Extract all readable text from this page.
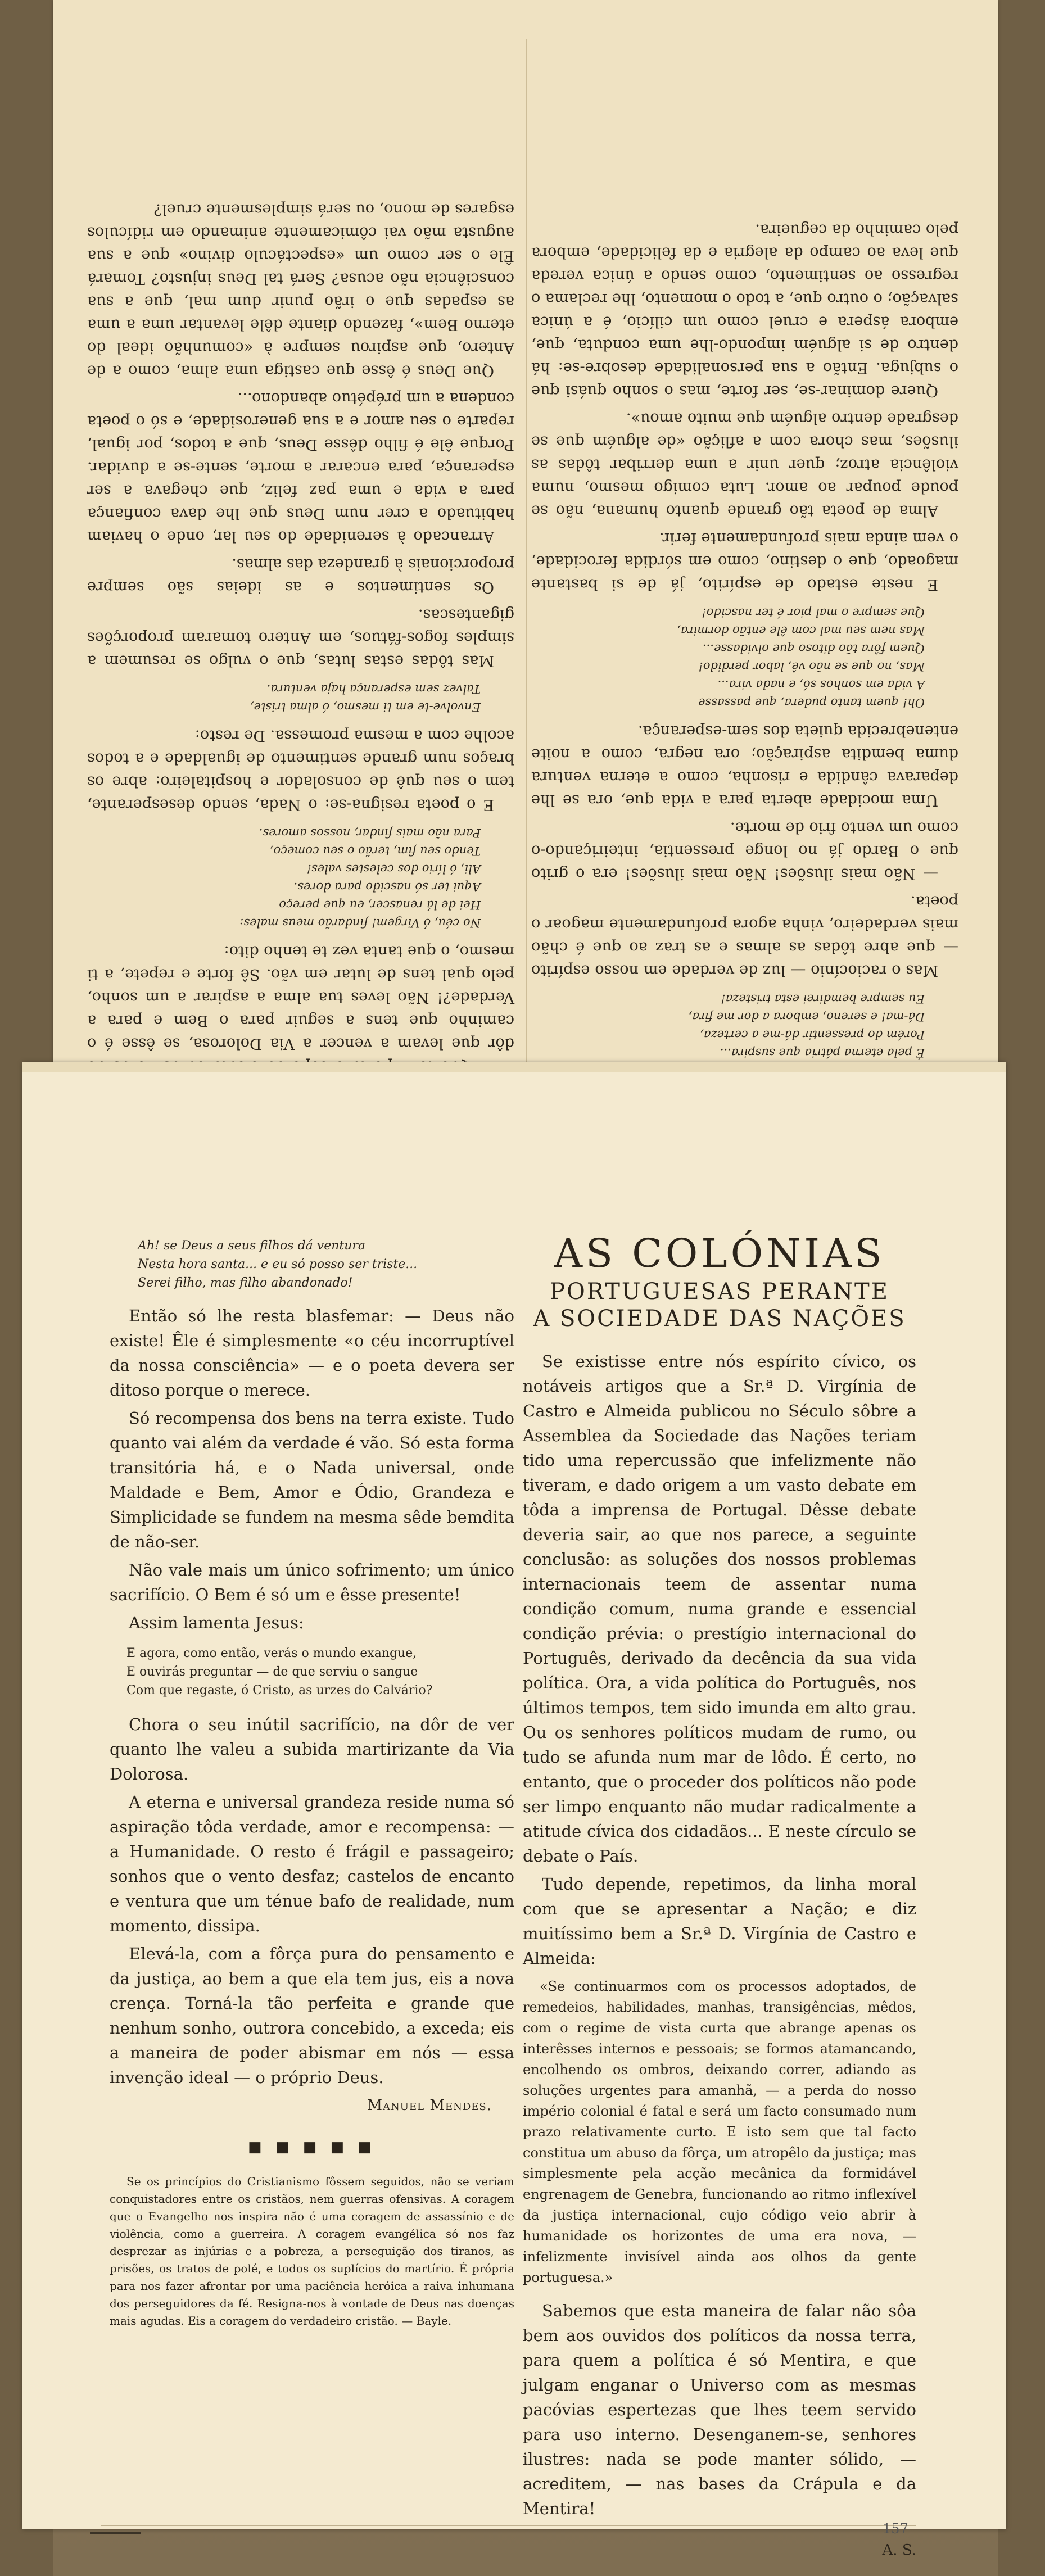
É pela eterna pátria que suspira...
Porém do pressentir dá-me a certeza,
Dá-ma! e sereno, embora a dor me fira,
Eu sempre bemdirei esta tristeza!

Mas o raciocínio — luz de verdade em nosso espírito — que abre tôdas as almas e as traz ao que é chão mais verdadeiro, vinha agora profundamente magoar o poeta.

— Não mais ilusões! Não mais ilusões! era o grito que o Bardo já no longe pressentia, inteiriçando-o como um vento frio de morte.

Uma mocidade aberta para a vida que, ora se lhe deparava cândida e risonha, como a eterna ventura duma bemdita aspiração; ora negra, como a noite entenebrecida quieta dos sem-esperança.

Oh! quem tanto pudera, que passasse
A vida em sonhos só, e nada vira...
Mas, no que se não vê, labor perdido!
Quem fôra tão ditoso que olvidasse...
Mas nem seu mal com êle então dormira,
Que sempre o mal pior é ter nascido!

E neste estado de espírito, já de si bastante magoado, que o destino, como em sórdida ferocidade, o vem ainda mais profundamente ferir.

Alma de poeta tão grande quanto humana, não se poude poupar ao amor. Luta comigo mesmo, numa violência atroz; quer unir a uma derribar tôdas as ilusões, mas chora com a aflição «de alguém que se desgrade dentro alguém que muito amou».

Quere dominar-se, ser forte, mas o sonho quási que o subjuga. Então a sua personalidade desobre-se: há dentro de si alguém impondo-lhe uma conduta, que, embora áspera e cruel como um cilício, é a única salvação; o outro que, a todo o momento, lhe reclama o regresso ao sentimento, como sendo a única vereda que leva ao campo da alegria e da felicidade, embora pelo caminho da cegueira.

dôr que levam a vencer a Via Dolorosa, se êsse é o caminho que tens a seguir para o Bem e para a Verdade?! Não leves tua alma a aspirar a um sonho, pelo qual tens de lutar em vão. Sê forte e repete, a ti mesmo, o que tanta vez te tenho dito:

No céu, ó Virgem! findarão meus males:
Hei de lá renascer, eu que pereço
Aqui ter só nascido para dores.
Ali, ó lírio dos celestes vales!
Tendo seu fim, terão o seu começo,
Para não mais findar, nossos amores.

E o poeta resigna-se: o Nada, sendo desesperante, tem o seu quê de consolador e hospitaleiro: abre os braços num grande sentimento de igualdade e a todos acolhe com a mesma promessa. De resto:

Envolve-te em ti mesmo, ó alma triste,
Talvez sem esperança haja ventura.

Mas tôdas estas lutas, que o vulgo se resumem a simples fogos-fátuos, em Antero tomaram proporções gigantescas.

Os sentimentos e as ideias são sempre proporcionais à grandeza das almas.

Arrancado à serenidade do seu lar, onde o haviam habituado a crer num Deus que lhe dava confiança para a vida e uma paz feliz, que chegava a ser esperança, para encarar a morte, sente-se a duvidar. Porque êle é filho dêsse Deus, que a todos, por igual, reparte o seu amor e a sua generosidade, e só o poeta condena a um prépétuo abandono...

Que Deus é êsse que castiga uma alma, como a de Antero, que aspirou sempre à «comunhão ideal do eterno Bem», fazendo diante dêle levantar uma a uma as espadas que o irão punir dum mal, que a sua consciência não acusa? Será tal Deus injusto? Tomará Êle o ser como um «espectáculo divino» que a sua augusta mão vai cômicamente animando em ridículos esgares de mono, ou será simplesmente cruel?

Ah! se Deus a seus filhos dá ventura
Nesta hora santa... e eu só posso ser triste...
Serei filho, mas filho abandonado!

Então só lhe resta blasfemar: — Deus não existe! Êle é simplesmente «o céu incorruptível da nossa consciência» — e o poeta devera ser ditoso porque o merece.

Só recompensa dos bens na terra existe. Tudo quanto vai além da verdade é vão. Só esta forma transitória há, e o Nada universal, onde Maldade e Bem, Amor e Ódio, Grandeza e Simplicidade se fundem na mesma sêde bemdita de não-ser.

Não vale mais um único sofrimento; um único sacrifício. O Bem é só um e êsse presente!

Assim lamenta Jesus:

E agora, como então, verás o mundo exangue,
E ouvirás preguntar — de que serviu o sangue
Com que regaste, ó Cristo, as urzes do Calvário?

Chora o seu inútil sacrifício, na dôr de ver quanto lhe valeu a subida martirizante da Via Dolorosa.

A eterna e universal grandeza reside numa só aspiração tôda verdade, amor e recompensa: — a Humanidade. O resto é frágil e passageiro; sonhos que o vento desfaz; castelos de encanto e ventura que um ténue bafo de realidade, num momento, dissipa.

Elevá-la, com a fôrça pura do pensamento e da justiça, ao bem a que ela tem jus, eis a nova crença. Torná-la tão perfeita e grande que nenhum sonho, outrora concebido, a exceda; eis a maneira de poder abismar em nós — essa invenção ideal — o próprio Deus.

Manuel Mendes.
■ ■ ■ ■ ■

Se os princípios do Cristianismo fôssem seguidos, não se veriam conquistadores entre os cristãos, nem guerras ofensivas. A coragem que o Evangelho nos inspira não é uma coragem de assassínio e de violência, como a guerreira. A coragem evangélica só nos faz desprezar as injúrias e a pobreza, a perseguição dos tiranos, as prisões, os tratos de polé, e todos os suplícios do martírio. É própria para nos fazer afrontar por uma paciência heróica a raiva inhumana dos perseguidores da fé. Resigna-nos à vontade de Deus nas doenças mais agudas. Eis a coragem do verdadeiro cristão. — Bayle.

AS COLÓNIAS
PORTUGUESAS PERANTE
A SOCIEDADE DAS NAÇÕES

Se existisse entre nós espírito cívico, os notáveis artigos que a Sr.ª D. Virgínia de Castro e Almeida publicou no Século sôbre a Assemblea da Sociedade das Nações teriam tido uma repercussão que infelizmente não tiveram, e dado origem a um vasto debate em tôda a imprensa de Portugal. Dêsse debate deveria sair, ao que nos parece, a seguinte conclusão: as soluções dos nossos problemas internacionais teem de assentar numa condição comum, numa grande e essencial condição prévia: o prestígio internacional do Português, derivado da decência da sua vida política. Ora, a vida política do Português, nos últimos tempos, tem sido imunda em alto grau. Ou os senhores políticos mudam de rumo, ou tudo se afunda num mar de lôdo. É certo, no entanto, que o proceder dos políticos não pode ser limpo enquanto não mudar radicalmente a atitude cívica dos cidadãos... E neste círculo se debate o País.

Tudo depende, repetimos, da linha moral com que se apresentar a Nação; e diz muitíssimo bem a Sr.ª D. Virgínia de Castro e Almeida:

«Se continuarmos com os processos adoptados, de remedeios, habilidades, manhas, transigências, mêdos, com o regime de vista curta que abrange apenas os interêsses internos e pessoais; se formos atamancando, encolhendo os ombros, deixando correr, adiando as soluções urgentes para amanhã, — a perda do nosso império colonial é fatal e será um facto consumado num prazo relativamente curto. E isto sem que tal facto constitua um abuso da fôrça, um atropêlo da justiça; mas simplesmente pela acção mecânica da formidável engrenagem de Genebra, funcionando ao ritmo inflexível da justiça internacional, cujo código veio abrir à humanidade os horizontes de uma era nova, — infelizmente invisível ainda aos olhos da gente portuguesa.»

Sabemos que esta maneira de falar não sôa bem aos ouvidos dos políticos da nossa terra, para quem a política é só Mentira, e que julgam enganar o Universo com as mesmas pacóvias espertezas que lhes teem servido para uso interno. Desenganem-se, senhores ilustres: nada se pode manter sólido, — acreditem, — nas bases da Crápula e da Mentira!

A. S.
157
